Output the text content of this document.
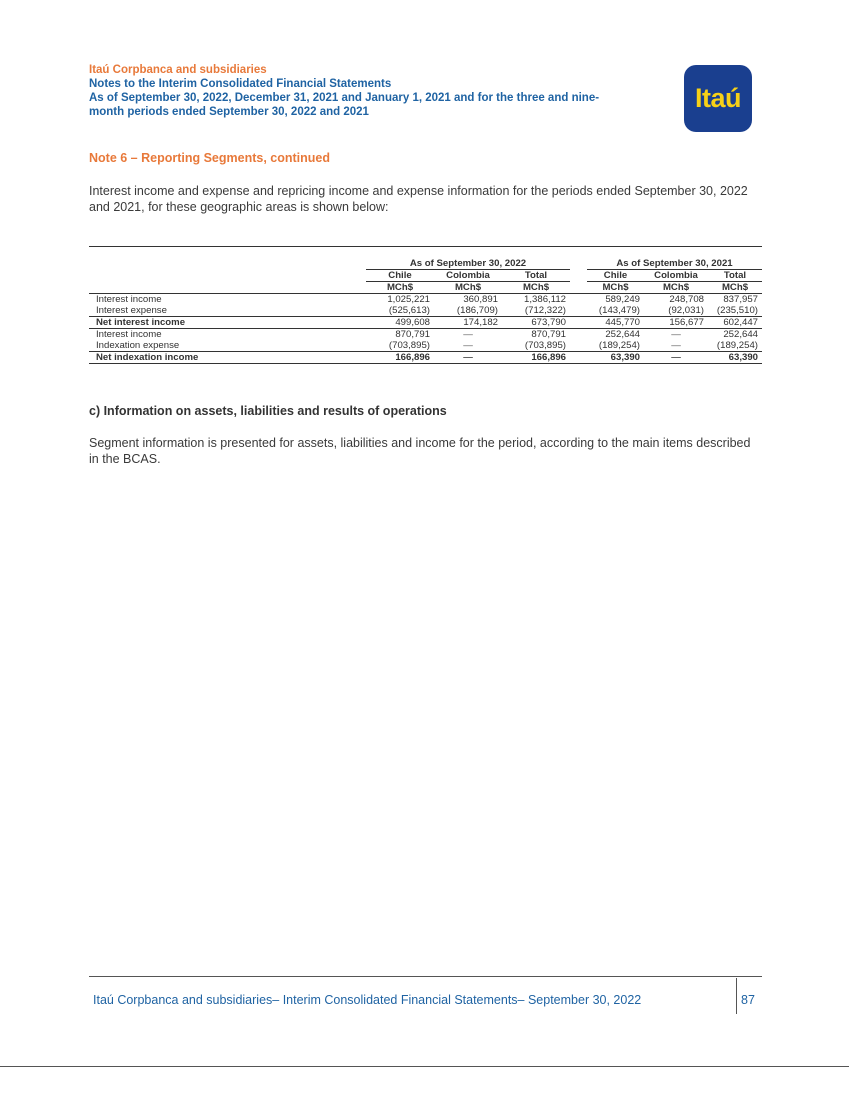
Itaú Corpbanca and subsidiaries
Notes to the Interim Consolidated Financial Statements
As of September 30, 2022, December 31, 2021 and January 1, 2021 and for the three and nine-
month periods ended September 30, 2022 and 2021	Itaú
Note 6 – Reporting Segments, continued
Interest income and expense and repricing income and expense information for the periods ended September 30, 2022 and 2021, for these geographic areas is shown below:

	As of September 30, 2022				As of September 30, 2021		
	Chile	Colombia	Total		Chile	Colombia	Total
	MCh$	MCh$	MCh$		MCh$	MCh$	MCh$
Interest income	1,025,221	360,891	1,386,112		589,249	248,708	837,957
Interest expense	(525,613)	(186,709)	(712,322)		(143,479)	(92,031)	(235,510)
Net interest income	499,608	174,182	673,790		445,770	156,677	602,447
Interest income	870,791	—	870,791		252,644	—	252,644
Indexation expense	(703,895)	—	(703,895)		(189,254)	—	(189,254)
Net indexation income	166,896	—	166,896		63,390	—	63,390
c) Information on assets, liabilities and results of operations
Segment information is presented for assets, liabilities and income for the period, according to the main items described in the BCAS.
Itaú Corpbanca and subsidiaries– Interim Consolidated Financial Statements– September 30, 2022	87
